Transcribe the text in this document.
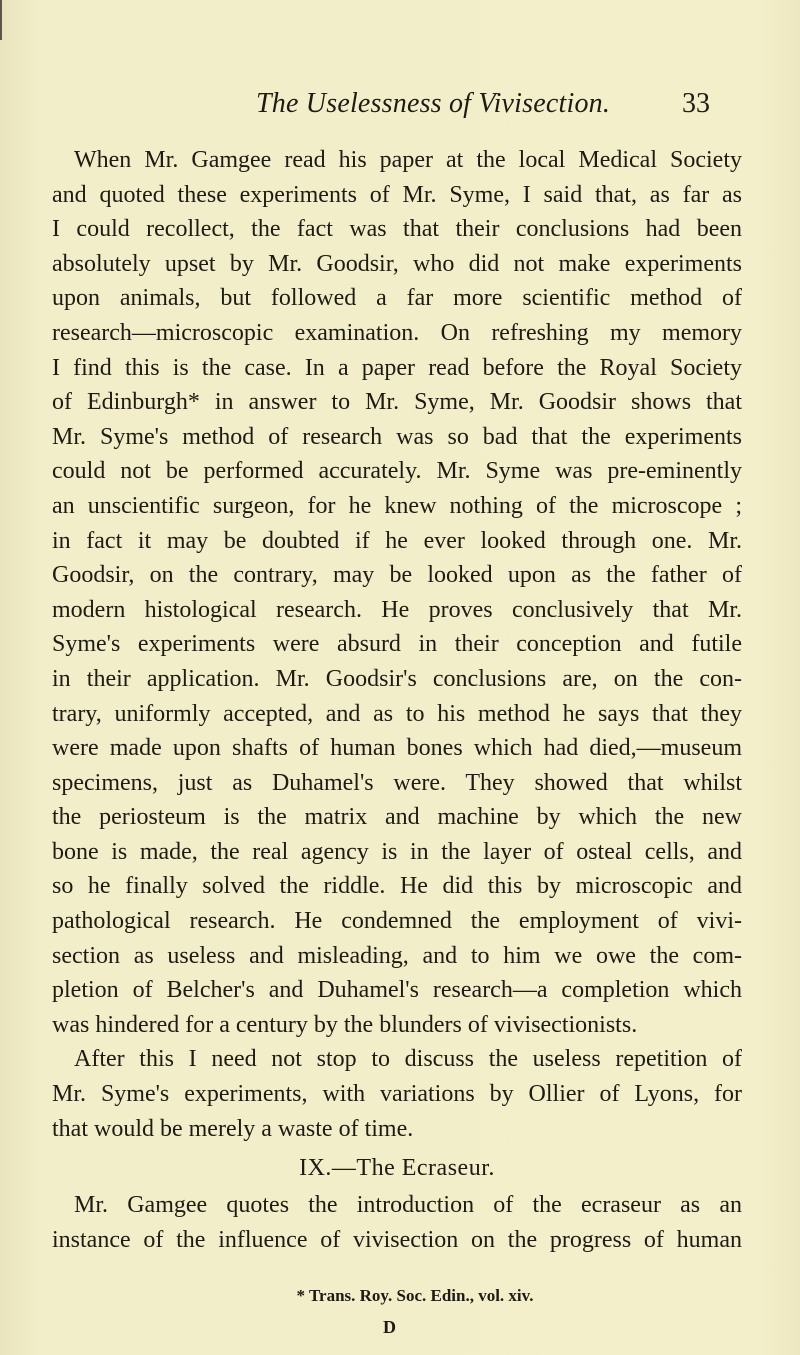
The Uselessness of Vivisection.	33
When Mr. Gamgee read his paper at the local Medical Society
and quoted these experiments of Mr. Syme, I said that, as far as
I could recollect, the fact was that their conclusions had been
absolutely upset by Mr. Goodsir, who did not make experiments
upon animals, but followed a far more scientific method of
research—microscopic examination. On refreshing my memory
I find this is the case. In a paper read before the Royal Society
of Edinburgh* in answer to Mr. Syme, Mr. Goodsir shows that
Mr. Syme's method of research was so bad that the experiments
could not be performed accurately. Mr. Syme was pre-eminently
an unscientific surgeon, for he knew nothing of the microscope ;
in fact it may be doubted if he ever looked through one. Mr.
Goodsir, on the contrary, may be looked upon as the father of
modern histological research. He proves conclusively that Mr.
Syme's experiments were absurd in their conception and futile
in their application. Mr. Goodsir's conclusions are, on the con-
trary, uniformly accepted, and as to his method he says that they
were made upon shafts of human bones which had died,—museum
specimens, just as Duhamel's were. They showed that whilst
the periosteum is the matrix and machine by which the new
bone is made, the real agency is in the layer of osteal cells, and
so he finally solved the riddle. He did this by microscopic and
pathological research. He condemned the employment of vivi-
section as useless and misleading, and to him we owe the com-
pletion of Belcher's and Duhamel's research—a completion which
was hindered for a century by the blunders of vivisectionists.
After this I need not stop to discuss the useless repetition of
Mr. Syme's experiments, with variations by Ollier of Lyons, for
that would be merely a waste of time.
IX.—The Ecraseur.
Mr. Gamgee quotes the introduction of the ecraseur as an
instance of the influence of vivisection on the progress of human
* Trans. Roy. Soc. Edin., vol. xiv.
D
